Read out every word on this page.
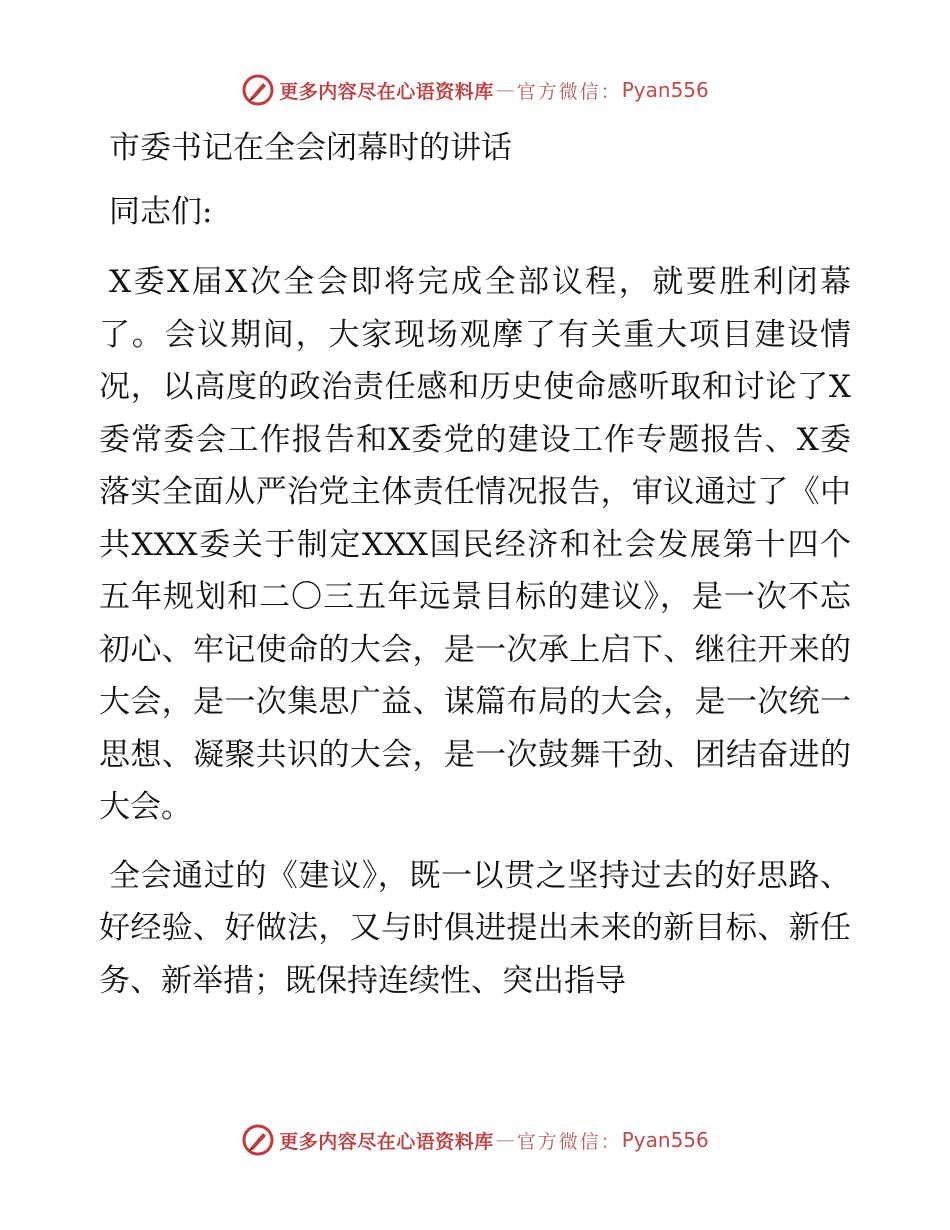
更多内容尽在心语资料库 — 官方微信： Pyan556

市委书记在全会闭幕时的讲话

同志们:

X委X届X次全会即将完成全部议程，就要胜利闭幕了。会议期间，大家现场观摩了有关重大项目建设情况，以高度的政治责任感和历史使命感听取和讨论了X委常委会工作报告和X委党的建设工作专题报告、X委落实全面从严治党主体责任情况报告，审议通过了《中共XXX委关于制定XXX国民经济和社会发展第十四个五年规划和二〇三五年远景目标的建议》，是一次不忘初心、牢记使命的大会，是一次承上启下、继往开来的大会，是一次集思广益、谋篇布局的大会，是一次统一思想、凝聚共识的大会，是一次鼓舞干劲、团结奋进的大会。

全会通过的《建议》，既一以贯之坚持过去的好思路、好经验、好做法，又与时俱进提出未来的新目标、新任务、新举措；既保持连续性、突出指导

更多内容尽在心语资料库 — 官方微信： Pyan556
